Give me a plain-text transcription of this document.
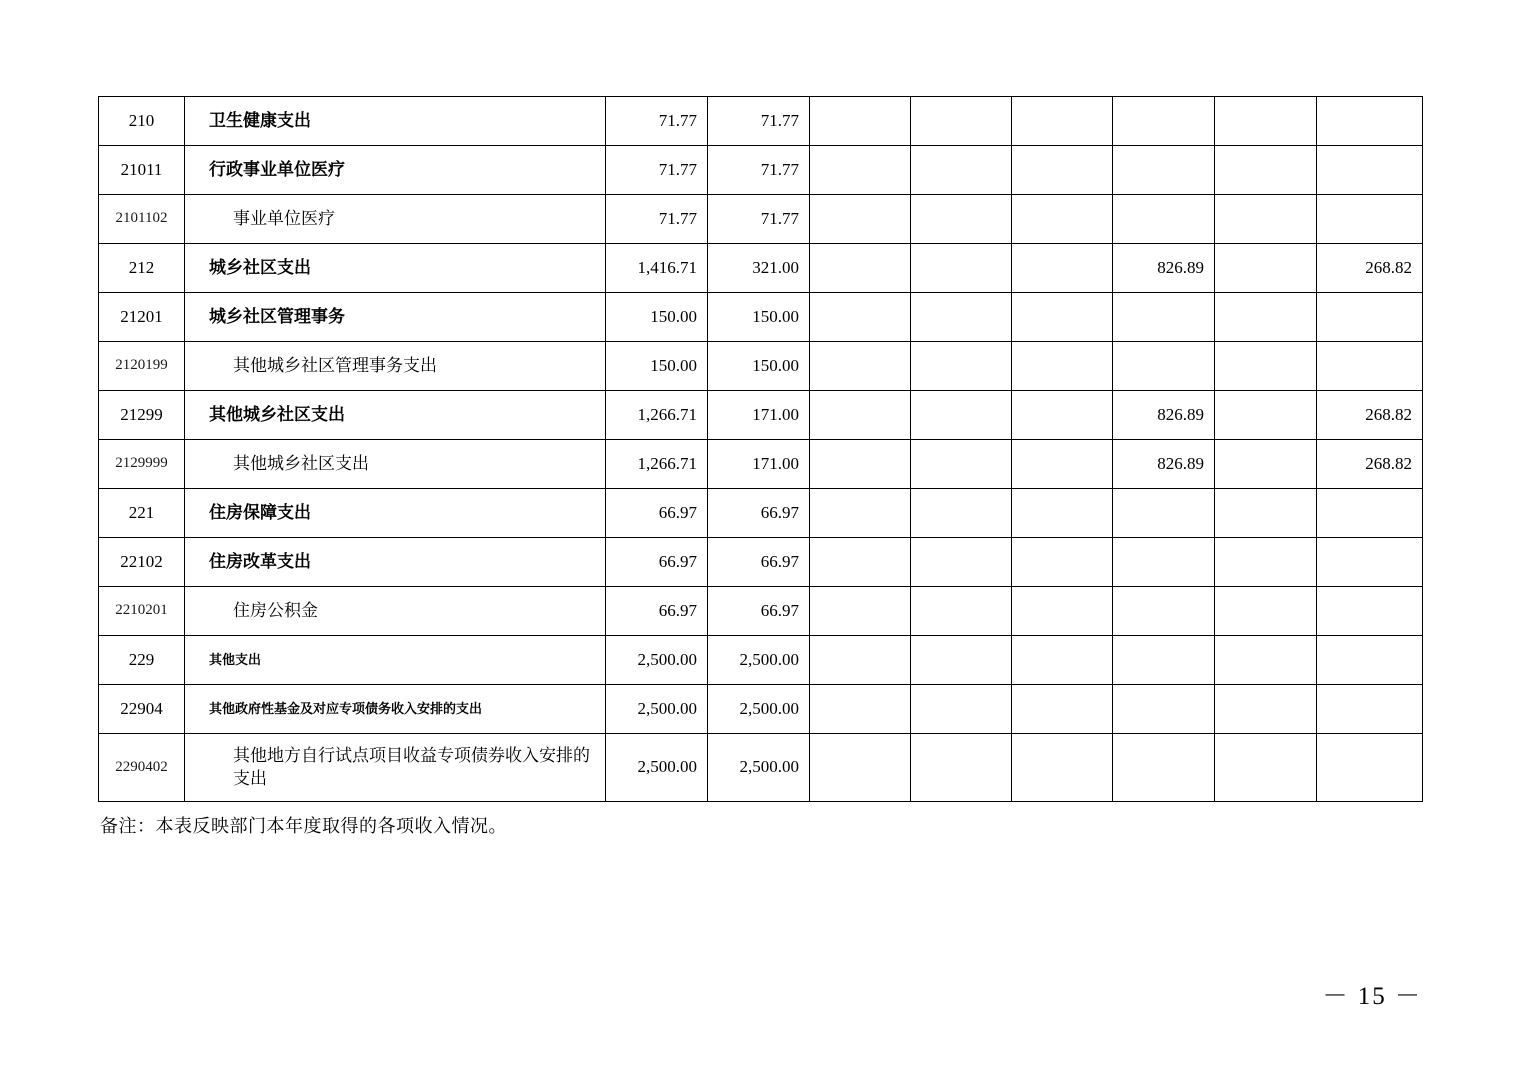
210	卫生健康支出	71.77	71.77						
21011	行政事业单位医疗	71.77	71.77						
2101102	事业单位医疗	71.77	71.77						
212	城乡社区支出	1,416.71	321.00				826.89		268.82
21201	城乡社区管理事务	150.00	150.00						
2120199	其他城乡社区管理事务支出	150.00	150.00						
21299	其他城乡社区支出	1,266.71	171.00				826.89		268.82
2129999	其他城乡社区支出	1,266.71	171.00				826.89		268.82
221	住房保障支出	66.97	66.97						
22102	住房改革支出	66.97	66.97						
2210201	住房公积金	66.97	66.97						
229	其他支出	2,500.00	2,500.00						
22904	其他政府性基金及对应专项债务收入安排的支出	2,500.00	2,500.00						
2290402	其他地方自行试点项目收益专项债券收入安排的支出	2,500.00	2,500.00						
备注：本表反映部门本年度取得的各项收入情况。
－ 15 －
